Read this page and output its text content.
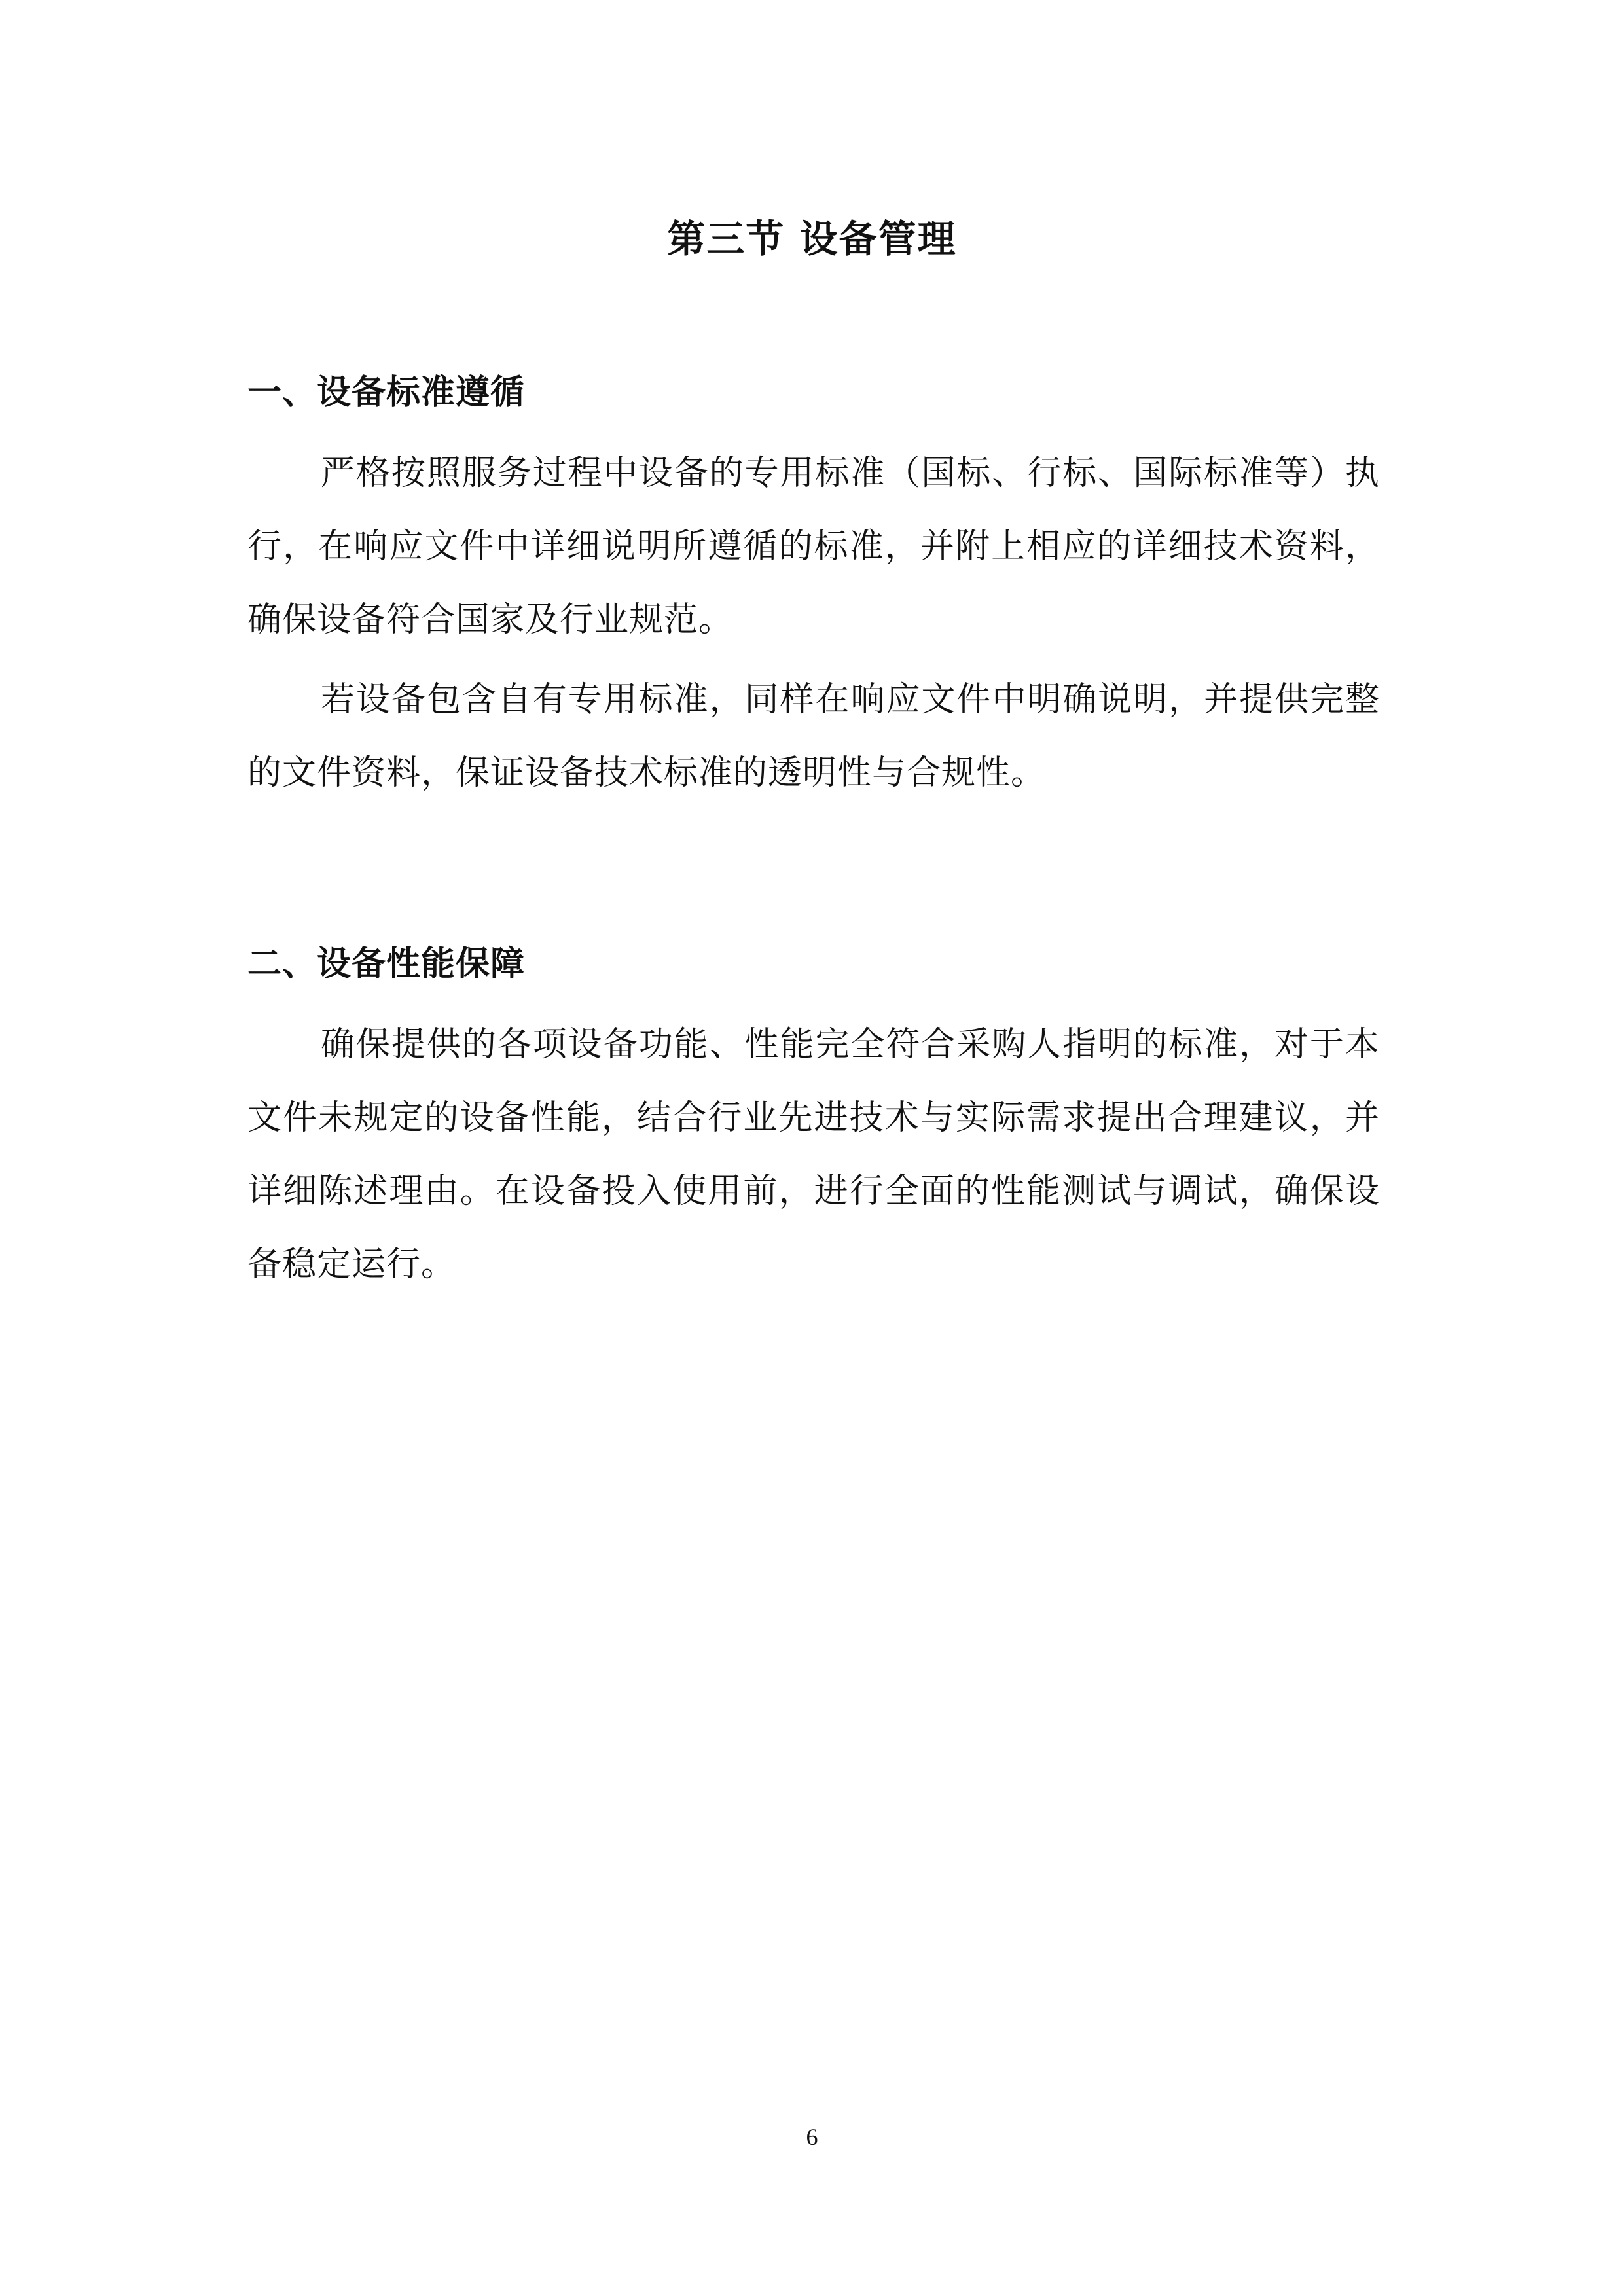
第三节 设备管理
一、设备标准遵循

严格按照服务过程中设备的专用标准（国标、行标、国际标准等）执行，在响应文件中详细说明所遵循的标准，并附上相应的详细技术资料，确保设备符合国家及行业规范。

若设备包含自有专用标准，同样在响应文件中明确说明，并提供完整的文件资料，保证设备技术标准的透明性与合规性。

二、设备性能保障

确保提供的各项设备功能、性能完全符合采购人指明的标准，对于本文件未规定的设备性能，结合行业先进技术与实际需求提出合理建议，并详细陈述理由。在设备投入使用前，进行全面的性能测试与调试，确保设备稳定运行。

6
